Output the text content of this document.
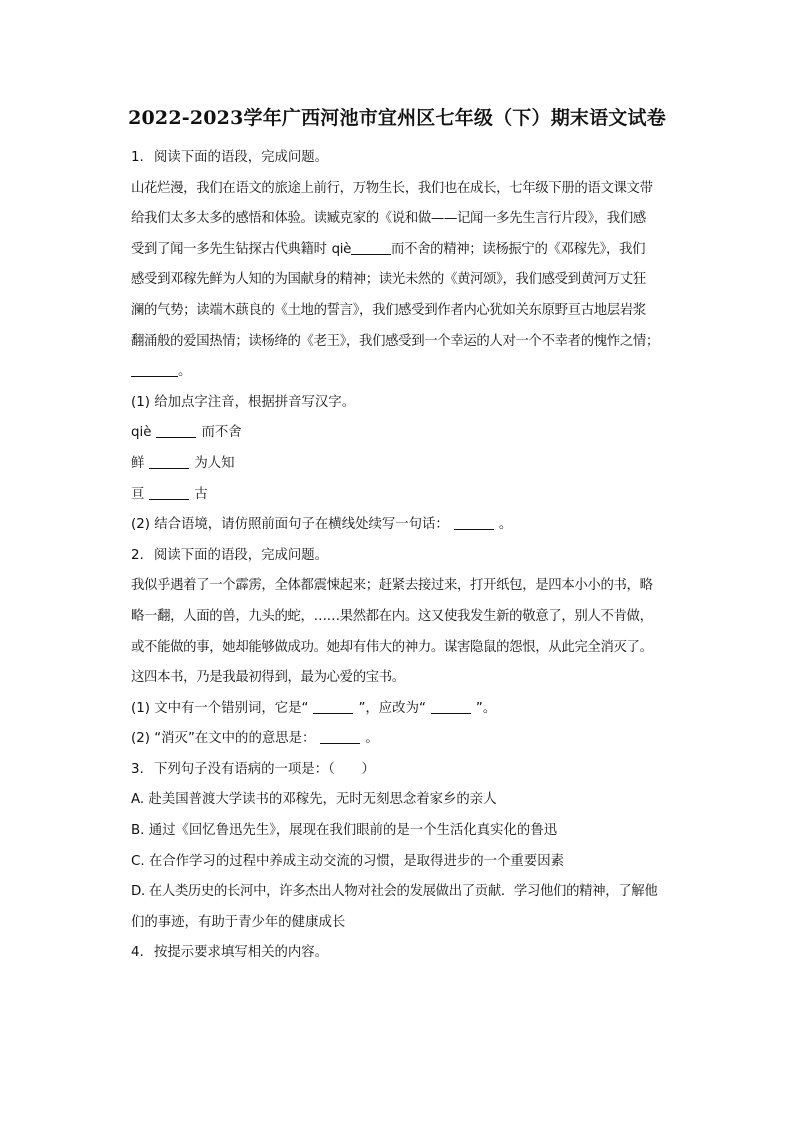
2022-2023学年广西河池市宜州区七年级（下）期末语文试卷
1. 阅读下面的语段，完成问题。
山花烂漫，我们在语文的旅途上前行，万物生长，我们也在成长，七年级下册的语文课文带
给我们太多太多的感悟和体验。读臧克家的《说和做——记闻一多先生言行片段》，我们感
受到了闻一多先生钻探古代典籍时 qiè	而不舍的精神；读杨振宁的《邓稼先》，我们
感受到邓稼先鲜为人知的为国献身的精神；读光未然的《黄河颂》，我们感受到黄河万丈狂
澜的气势；读端木蕻良的《土地的誓言》，我们感受到作者内心犹如关东原野亘古地层岩浆
翻涌般的爱国热情；读杨绛的《老王》，我们感受到一个幸运的人对一个不幸者的愧怍之情；
。
(1) 给加点字注音，根据拼音写汉字。
qiè	而不舍
鲜	为人知
亘	古
(2) 结合语境，请仿照前面句子在横线处续写一句话：	。
2. 阅读下面的语段，完成问题。
我似乎遇着了一个霹雳，全体都震悚起来；赶紧去接过来，打开纸包，是四本小小的书，略
略一翻，人面的兽，九头的蛇，……果然都在内。这又使我发生新的敬意了，别人不肯做，
或不能做的事，她却能够做成功。她却有伟大的神力。谋害隐鼠的怨恨，从此完全消灭了。
这四本书，乃是我最初得到，最为心爱的宝书。
(1) 文中有一个错别词，它是“	”，应改为“	”。
(2) “消灭”在文中的的意思是：	。
3. 下列句子没有语病的一项是：（　　）
A. 赴美国普渡大学读书的邓稼先，无时无刻思念着家乡的亲人
B. 通过《回忆鲁迅先生》，展现在我们眼前的是一个生活化真实化的鲁迅
C. 在合作学习的过程中养成主动交流的习惯，是取得进步的一个重要因素
D. 在人类历史的长河中，许多杰出人物对社会的发展做出了贡献．学习他们的精神，了解他
们的事迹，有助于青少年的健康成长
4. 按提示要求填写相关的内容。
